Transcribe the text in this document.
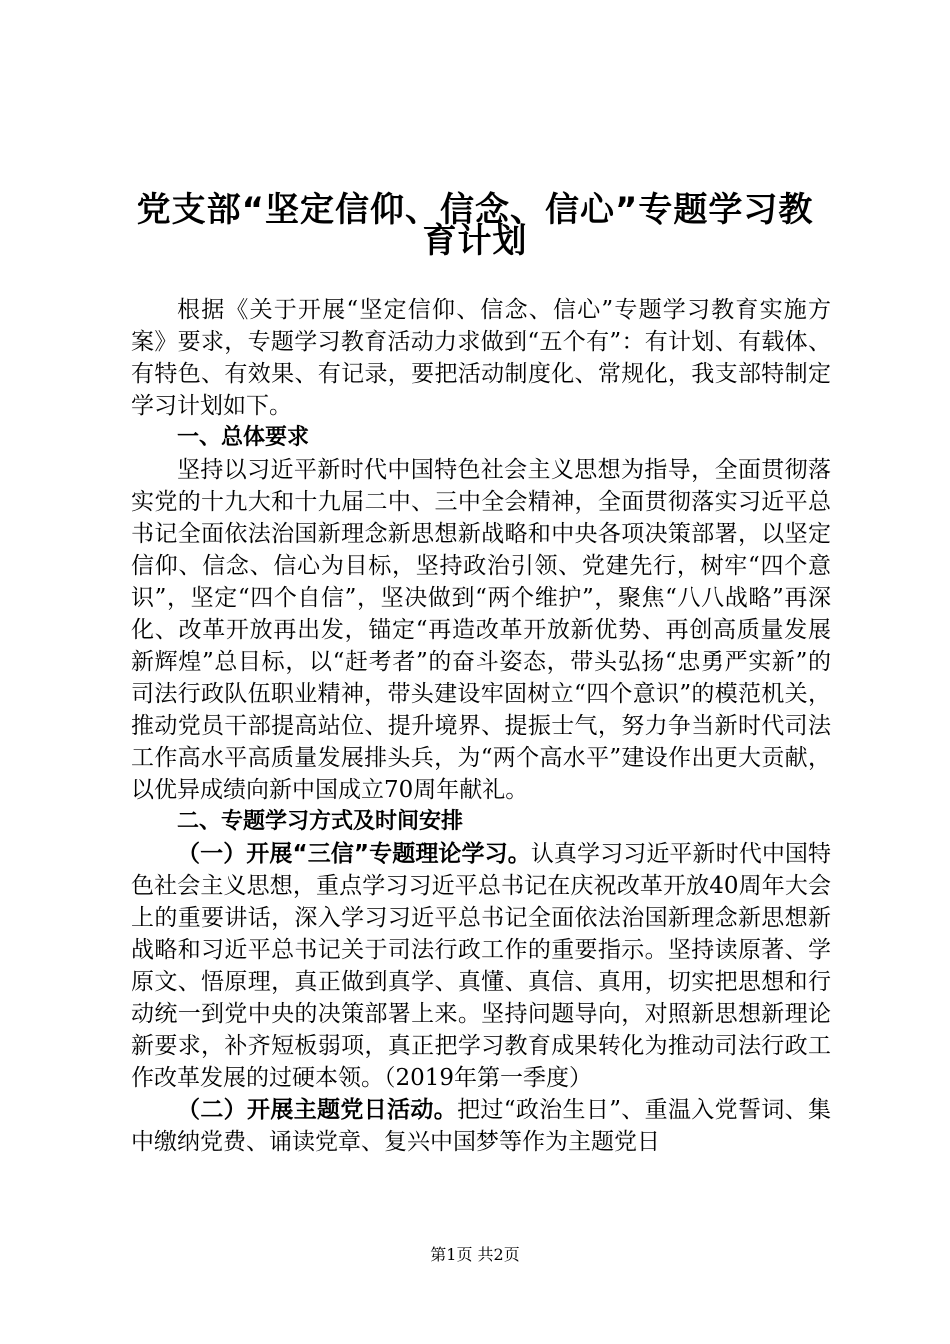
党支部“坚定信仰、信念、信心”专题学习教
育计划

根据《关于开展“坚定信仰、信念、信心”专题学习教育实施方案》要求，专题学习教育活动力求做到“五个有”：有计划、有载体、有特色、有效果、有记录，要把活动制度化、常规化，我支部特制定学习计划如下。

一、总体要求

坚持以习近平新时代中国特色社会主义思想为指导，全面贯彻落实党的十九大和十九届二中、三中全会精神，全面贯彻落实习近平总书记全面依法治国新理念新思想新战略和中央各项决策部署，以坚定信仰、信念、信心为目标，坚持政治引领、党建先行，树牢“四个意识”，坚定“四个自信”，坚决做到“两个维护”，聚焦“八八战略”再深化、改革开放再出发，锚定“再造改革开放新优势、再创高质量发展新辉煌”总目标，以“赶考者”的奋斗姿态，带头弘扬“忠勇严实新”的司法行政队伍职业精神，带头建设牢固树立“四个意识”的模范机关，推动党员干部提高站位、提升境界、提振士气，努力争当新时代司法工作高水平高质量发展排头兵，为“两个高水平”建设作出更大贡献，以优异成绩向新中国成立70周年献礼。

二、专题学习方式及时间安排

（一）开展“三信”专题理论学习。认真学习习近平新时代中国特色社会主义思想，重点学习习近平总书记在庆祝改革开放40周年大会上的重要讲话，深入学习习近平总书记全面依法治国新理念新思想新战略和习近平总书记关于司法行政工作的重要指示。坚持读原著、学原文、悟原理，真正做到真学、真懂、真信、真用，切实把思想和行动统一到党中央的决策部署上来。坚持问题导向，对照新思想新理论新要求，补齐短板弱项，真正把学习教育成果转化为推动司法行政工作改革发展的过硬本领。（2019年第一季度）

（二）开展主题党日活动。把过“政治生日”、重温入党誓词、集中缴纳党费、诵读党章、复兴中国梦等作为主题党日

第1页 共2页
